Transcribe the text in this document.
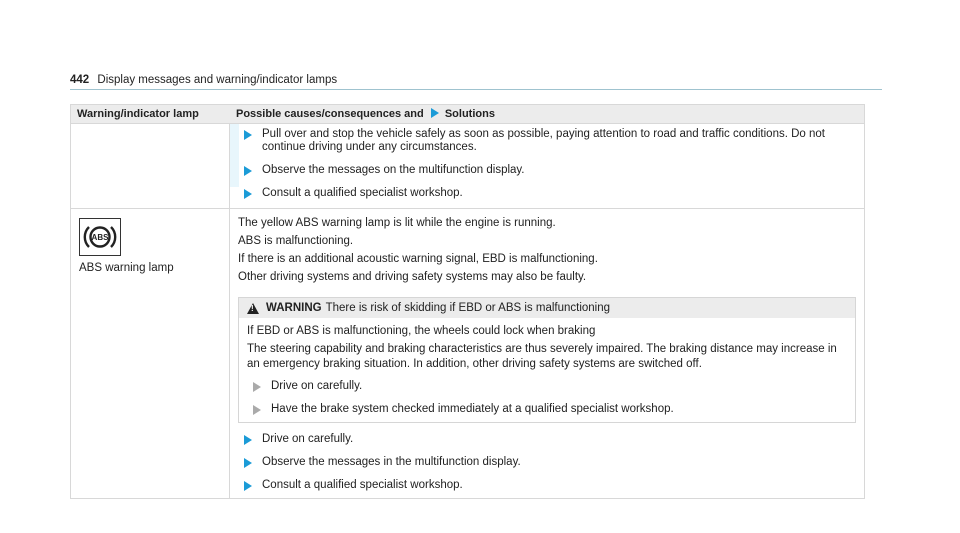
442 Display messages and warning/indicator lamps
Warning/indicator lamp	Possible causes/consequences and Solutions
Pull over and stop the vehicle safely as soon as possible, paying attention to road and traffic conditions. Do not continue driving under any circumstances.
Observe the messages on the multifunction display.
Consult a qualified specialist workshop.
ABS
ABS warning lamp
The yellow ABS warning lamp is lit while the engine is running.
ABS is malfunctioning.
If there is an additional acoustic warning signal, EBD is malfunctioning.
Other driving systems and driving safety systems may also be faulty.
! WARNING There is risk of skidding if EBD or ABS is malfunctioning
If EBD or ABS is malfunctioning, the wheels could lock when braking
The steering capability and braking characteristics are thus severely impaired. The braking distance may increase in an emergency braking situation. In addition, other driving safety systems are switched off.
Drive on carefully.
Have the brake system checked immediately at a qualified specialist workshop.
Drive on carefully.
Observe the messages in the multifunction display.
Consult a qualified specialist workshop.
